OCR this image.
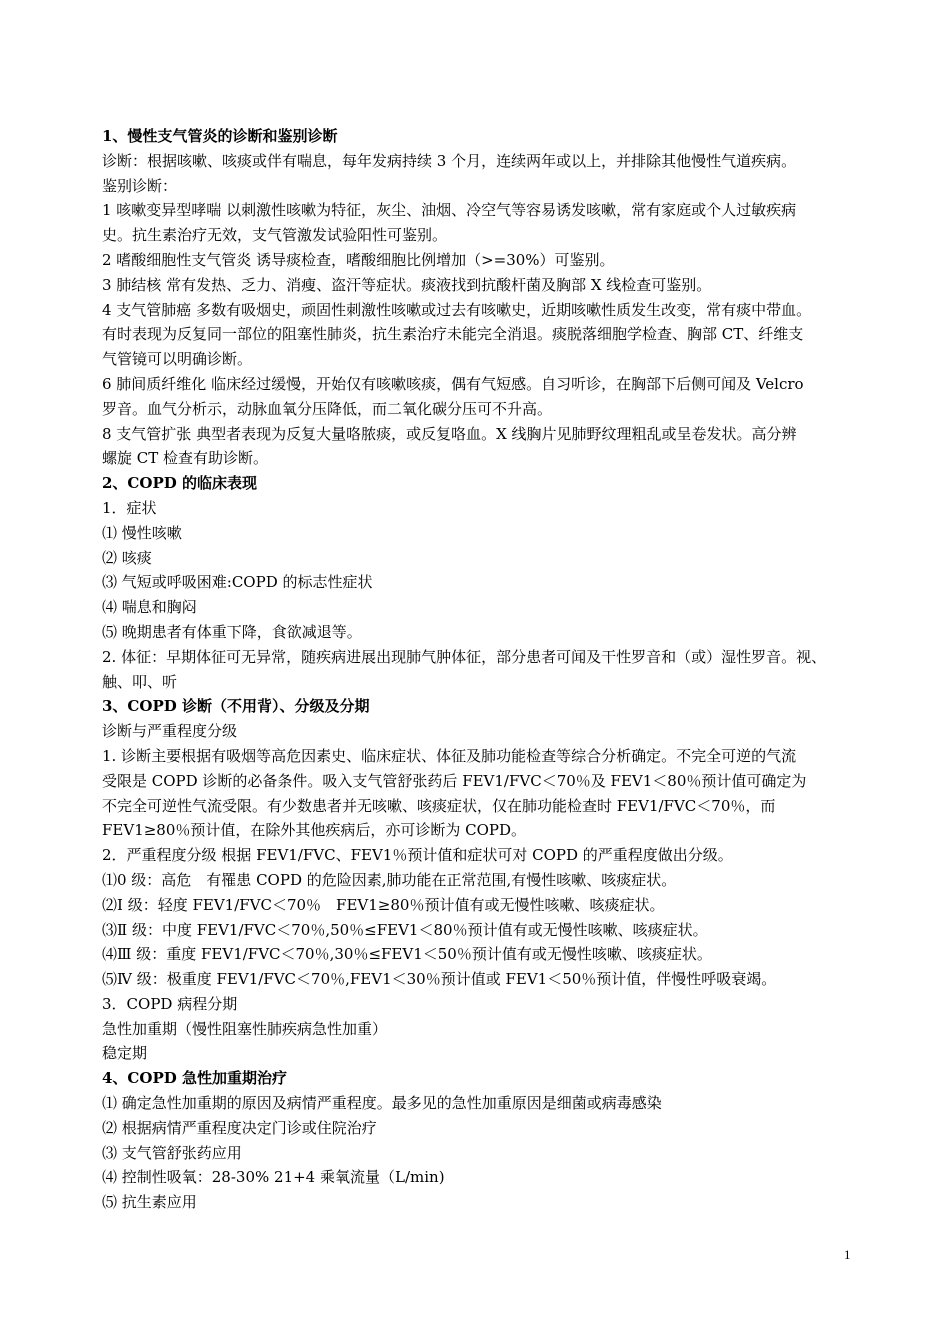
1、慢性支气管炎的诊断和鉴别诊断
诊断：根据咳嗽、咳痰或伴有喘息，每年发病持续 3 个月，连续两年或以上，并排除其他慢性气道疾病。
鉴别诊断：
1 咳嗽变异型哮喘 以刺激性咳嗽为特征，灰尘、油烟、冷空气等容易诱发咳嗽，常有家庭或个人过敏疾病
史。抗生素治疗无效，支气管激发试验阳性可鉴别。
2 嗜酸细胞性支气管炎 诱导痰检查，嗜酸细胞比例增加（>=30%）可鉴别。
3 肺结核 常有发热、乏力、消瘦、盗汗等症状。痰液找到抗酸杆菌及胸部 X 线检查可鉴别。
4 支气管肺癌 多数有吸烟史，顽固性刺激性咳嗽或过去有咳嗽史，近期咳嗽性质发生改变，常有痰中带血。
有时表现为反复同一部位的阻塞性肺炎，抗生素治疗未能完全消退。痰脱落细胞学检查、胸部 CT、纤维支
气管镜可以明确诊断。
6 肺间质纤维化 临床经过缓慢，开始仅有咳嗽咳痰，偶有气短感。自习听诊，在胸部下后侧可闻及 Velcro
罗音。血气分析示，动脉血氧分压降低，而二氧化碳分压可不升高。
8 支气管扩张 典型者表现为反复大量咯脓痰，或反复咯血。X 线胸片见肺野纹理粗乱或呈卷发状。高分辨
螺旋 CT 检查有助诊断。
2、COPD 的临床表现
1．症状
⑴ 慢性咳嗽
⑵ 咳痰
⑶ 气短或呼吸困难:COPD 的标志性症状
⑷ 喘息和胸闷
⑸ 晚期患者有体重下降，食欲减退等。
2. 体征：早期体征可无异常，随疾病进展出现肺气肿体征，部分患者可闻及干性罗音和（或）湿性罗音。视、
触、叩、听
3、COPD 诊断（不用背）、分级及分期
诊断与严重程度分级
1. 诊断主要根据有吸烟等高危因素史、临床症状、体征及肺功能检查等综合分析确定。不完全可逆的气流
受限是 COPD 诊断的必备条件。吸入支气管舒张药后 FEV1/FVC＜70％及 FEV1＜80％预计值可确定为
不完全可逆性气流受限。有少数患者并无咳嗽、咳痰症状，仅在肺功能检查时 FEV1/FVC＜70％，而
FEV1≥80％预计值，在除外其他疾病后，亦可诊断为 COPD。
2．严重程度分级 根据 FEV1/FVC、FEV1％预计值和症状可对 COPD 的严重程度做出分级。
⑴0 级：高危　有罹患 COPD 的危险因素,肺功能在正常范围,有慢性咳嗽、咳痰症状。
⑵Ⅰ 级：轻度 FEV1/FVC＜70％　FEV1≥80％预计值有或无慢性咳嗽、咳痰症状。
⑶Ⅱ 级：中度 FEV1/FVC＜70％,50％≤FEV1＜80％预计值有或无慢性咳嗽、咳痰症状。
⑷Ⅲ 级：重度 FEV1/FVC＜70％,30％≤FEV1＜50％预计值有或无慢性咳嗽、咳痰症状。
⑸Ⅳ 级：极重度 FEV1/FVC＜70％,FEV1＜30％预计值或 FEV1＜50％预计值，伴慢性呼吸衰竭。
3．COPD 病程分期
急性加重期（慢性阻塞性肺疾病急性加重）
稳定期
4、COPD 急性加重期治疗
⑴ 确定急性加重期的原因及病情严重程度。最多见的急性加重原因是细菌或病毒感染
⑵ 根据病情严重程度决定门诊或住院治疗
⑶ 支气管舒张药应用
⑷ 控制性吸氧：28-30% 21+4 乘氧流量（L/min)
⑸ 抗生素应用
1
